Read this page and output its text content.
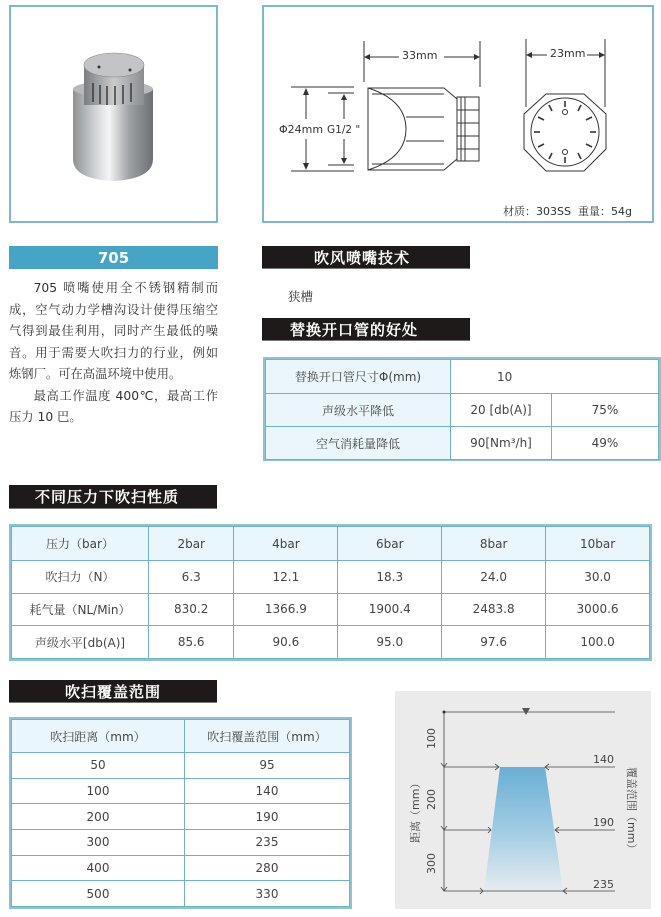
33mm	23mm
Φ24mm G1/2 "
材质：303SS  重量：54g
705

705 喷嘴使用全不锈钢精制而成，空气动力学槽沟设计使得压缩空气得到最佳利用，同时产生最低的噪音。用于需要大吹扫力的行业，例如炼钢厂。可在高温环境中使用。

最高工作温度 400℃，最高工作压力 10 巴。

吹风喷嘴技术
狭槽
替换开口管的好处
替换开口管尺寸Φ(mm)	10	
声级水平降低	20 [db(A)]	75%
空气消耗量降低	90[Nm³/h]	49%
不同压力下吹扫性质
压力（bar）	2bar	4bar	6bar	8bar	10bar
吹扫力（N）	6.3	12.1	18.3	24.0	30.0
耗气量（NL/Min）	830.2	1366.9	1900.4	2483.8	3000.6
声级水平[db(A)]	85.6	90.6	95.0	97.6	100.0
吹扫覆盖范围
吹扫距离（mm）	吹扫覆盖范围（mm）
50	95
100	140
200	190
300	235
400	280
500	330
100
200
300
140
190
235
距离（mm）	覆盖范围（mm）
